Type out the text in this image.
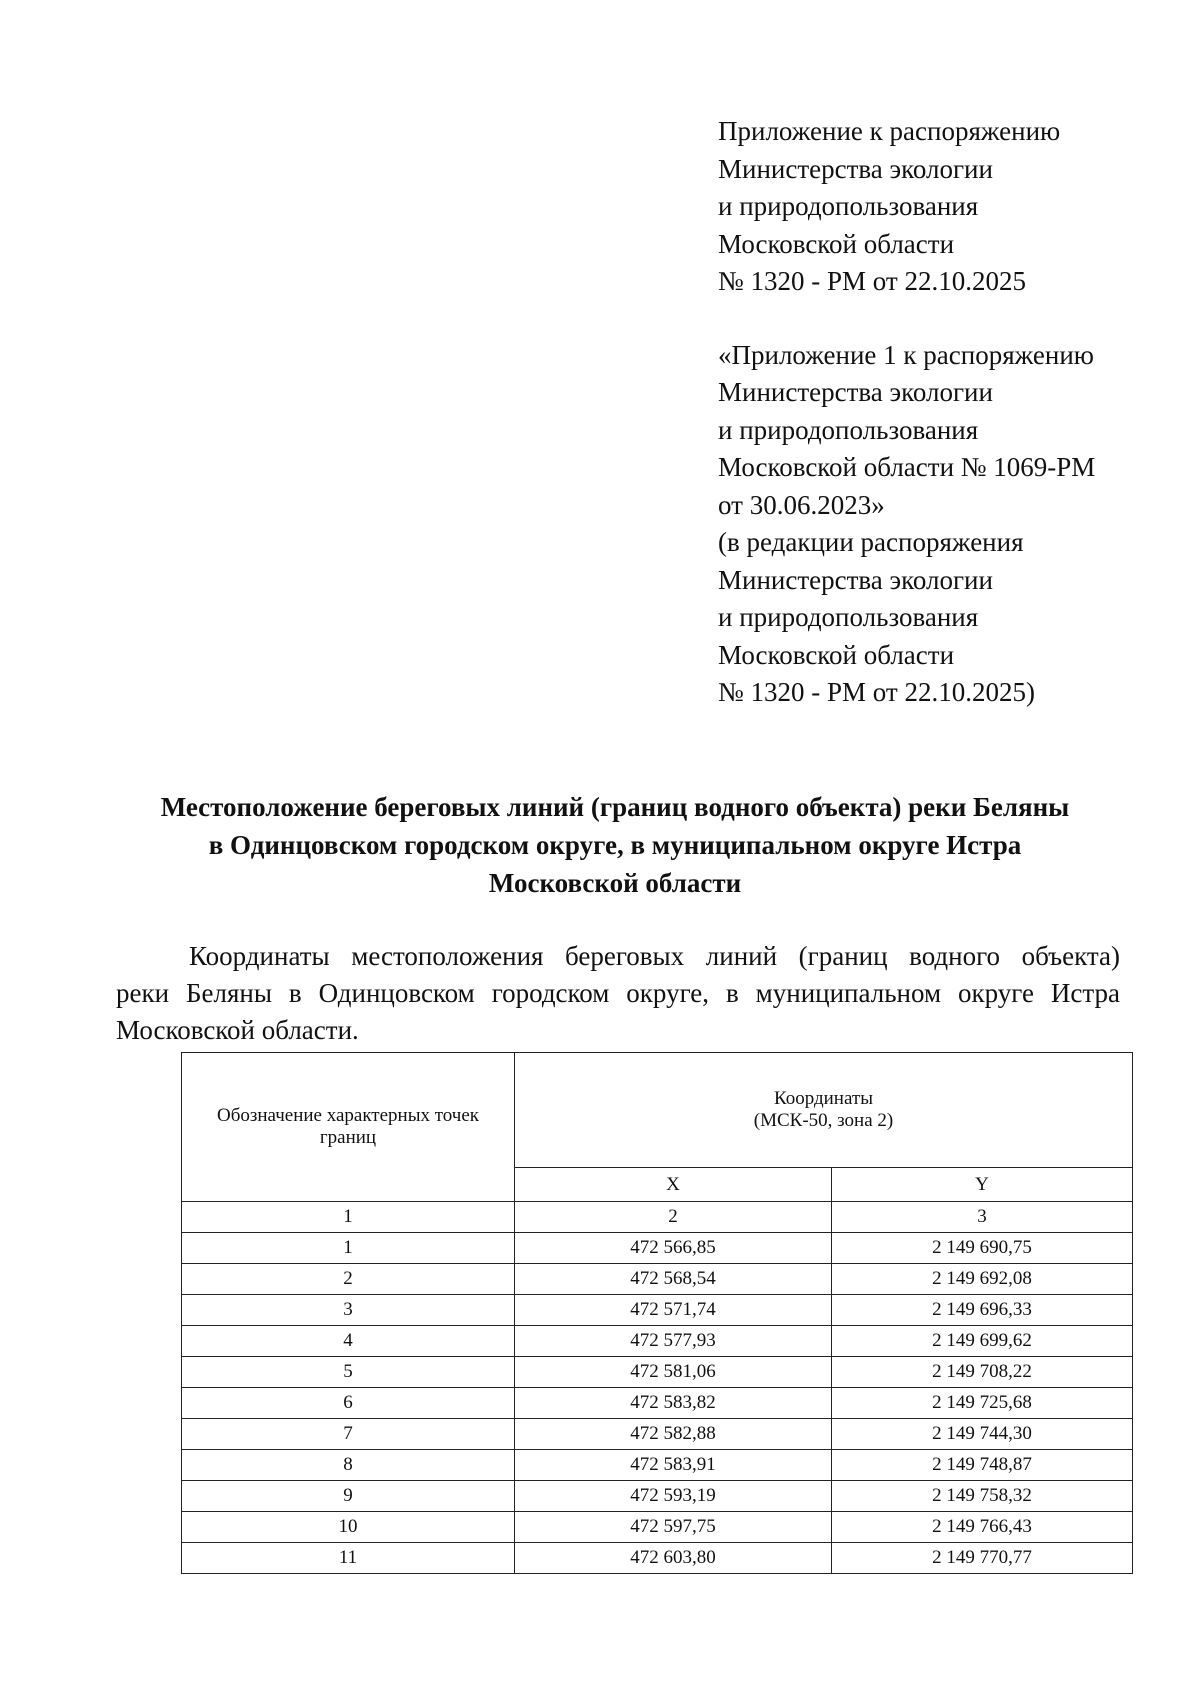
Приложение к распоряжению
Министерства экологии
и природопользования
Московской области
№ 1320 - РМ от 22.10.2025
«Приложение 1 к распоряжению
Министерства экологии
и природопользования
Московской области № 1069-РМ
от 30.06.2023»
(в редакции распоряжения
Министерства экологии
и природопользования
Московской области
№ 1320 - РМ от 22.10.2025)
Местоположение береговых линий (границ водного объекта) реки Беляны
в Одинцовском городском округе, в муниципальном округе Истра
Московской области
Координаты местоположения береговых линий (границ водного объекта)
реки Беляны в Одинцовском городском округе, в муниципальном округе Истра
Московской области.
Обозначение характерных точек границ	Координаты
(МСК-50, зона 2)	

	X	Y
1	2	3
1	472 566,85	2 149 690,75
2	472 568,54	2 149 692,08
3	472 571,74	2 149 696,33
4	472 577,93	2 149 699,62
5	472 581,06	2 149 708,22
6	472 583,82	2 149 725,68
7	472 582,88	2 149 744,30
8	472 583,91	2 149 748,87
9	472 593,19	2 149 758,32
10	472 597,75	2 149 766,43
11	472 603,80	2 149 770,77
